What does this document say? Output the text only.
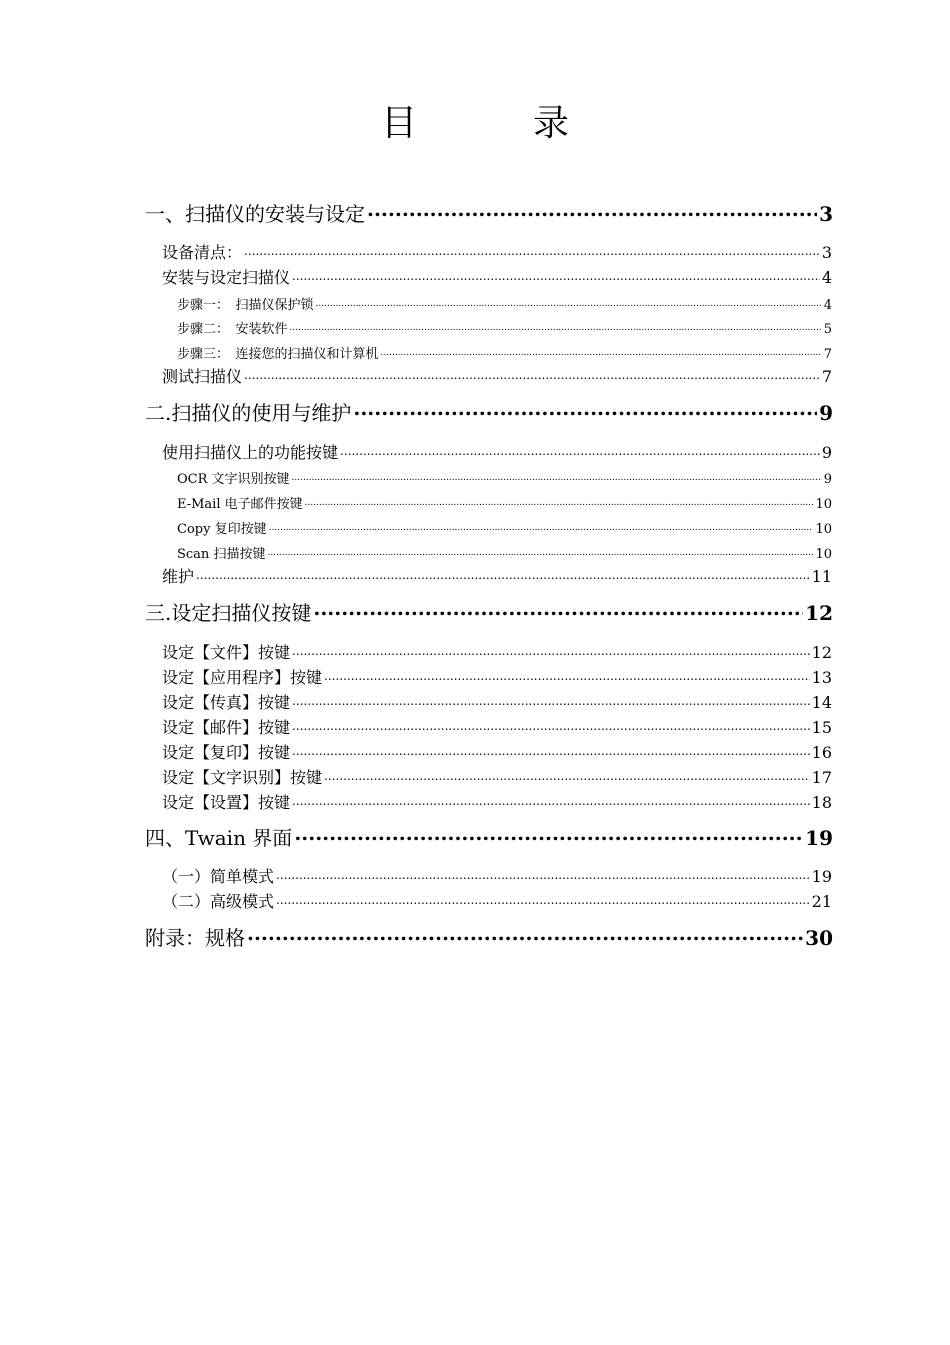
目　录
一、扫描仪的安装与设定 .....	3
设备清点： .....	3
安装与设定扫描仪 .....	4
步骤一：　扫描仪保护锁 .....	4
步骤二：　安装软件 .....	5
步骤三：　连接您的扫描仪和计算机 .....	7
测试扫描仪 .....	7
二.扫描仪的使用与维护 .....	9
使用扫描仪上的功能按键 .....	9
OCR 文字识别按键 .....	9
E-Mail 电子邮件按键 .....	10
Copy 复印按键 .....	10
Scan 扫描按键 .....	10
维护 .....	11
三.设定扫描仪按键 .....	12
设定【文件】按键 .....	12
设定【应用程序】按键 .....	13
设定【传真】按键 .....	14
设定【邮件】按键 .....	15
设定【复印】按键 .....	16
设定【文字识别】按键 .....	17
设定【设置】按键 .....	18
四、Twain 界面 .....	19
（一）简单模式 .....	19
（二）高级模式 .....	21
附录：规格 .....	30
